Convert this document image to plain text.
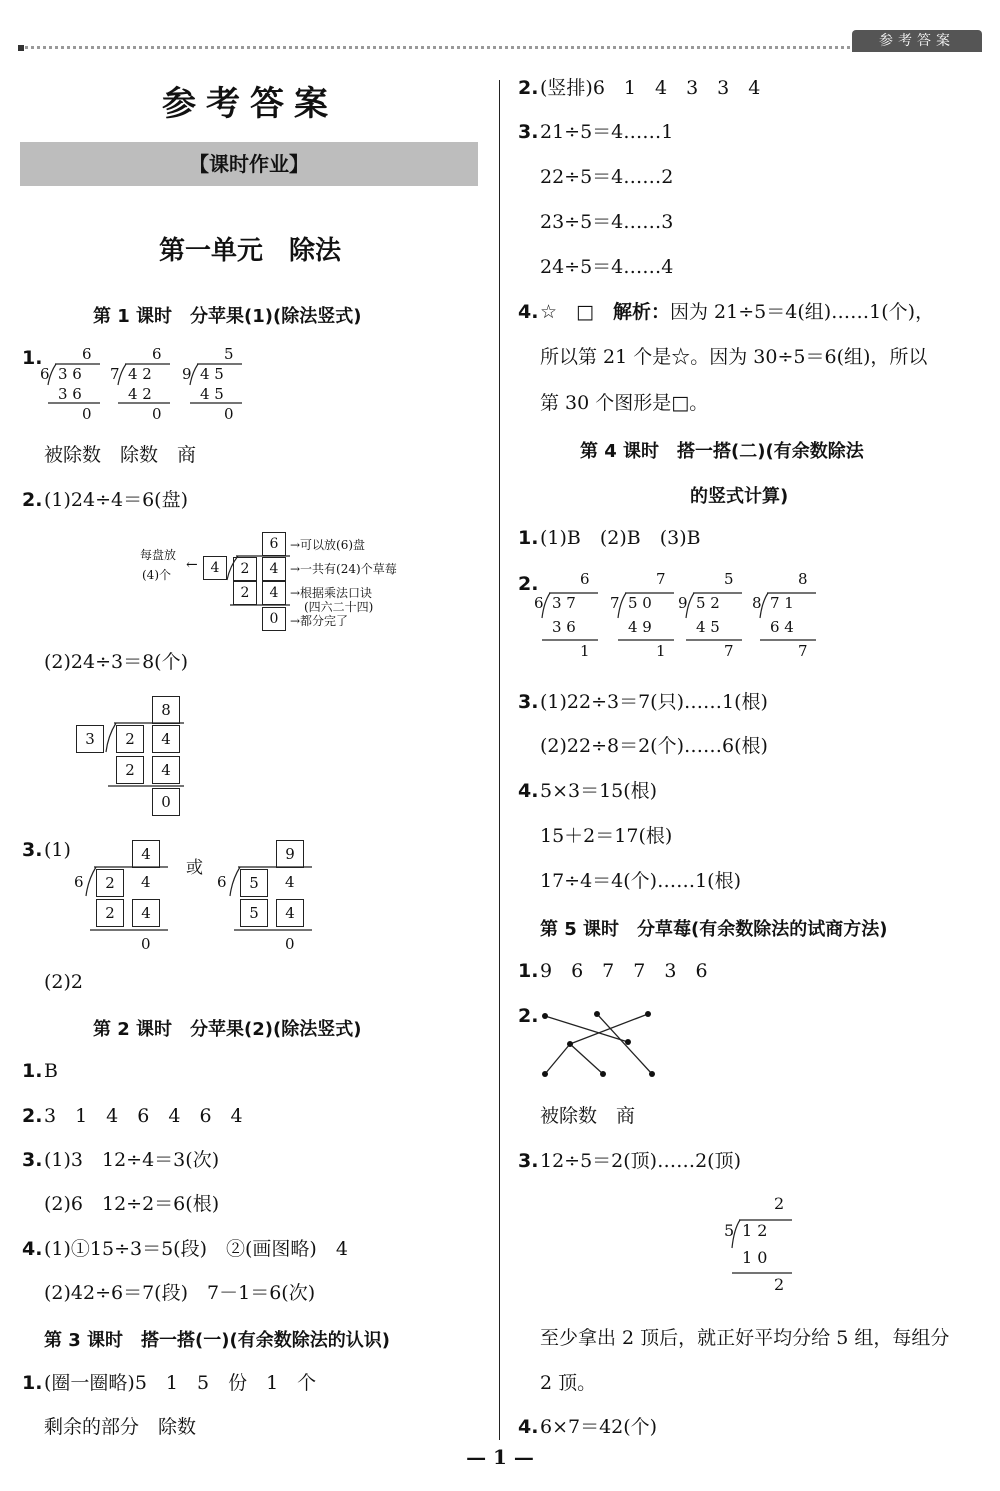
参考答案
参考答案
【课时作业】
第一单元　除法
第 1 课时　分苹果(1)(除法竖式)
1.	6
6 3 6
3 6
0
6
7 4 2
4 2
0
5
9 4 5
4 5
0
被除数　除数　商
2. (1)24÷4＝6(盘)
每盘放
(4)个
← 4
6
2	4
2	4
0
→可以放(6)盘
→一共有(24)个草莓
→根据乘法口诀
(四六二十四)
→都分完了
(2)24÷3＝8(个)
3
8
2	4
2	4
0
3. (1)
6
4
2	4
2	4
0
或
6
9
5	4
5	4
0
(2)2
第 2 课时　分苹果(2)(除法竖式)
1. B
2. 3　1　4　6　4　6　4
3. (1)3　12÷4＝3(次)
(2)6　12÷2＝6(根)
4. (1)①15÷3＝5(段)　②(画图略)　4
(2)42÷6＝7(段)　7－1＝6(次)
第 3 课时　搭一搭(一)(有余数除法的认识)
1. (圈一圈略)5　1　5　份　1　个
剩余的部分　除数
2. (竖排)6　1　4　3　3　4
3. 21÷5＝4……1
22÷5＝4……2
23÷5＝4……3
24÷5＝4……4
4. ☆　□　解析：因为 21÷5＝4(组)……1(个)，
所以第 21 个是☆。因为 30÷5＝6(组)，所以
第 30 个图形是□。
第 4 课时　搭一搭(二)(有余数除法
的竖式计算)
1. (1)B　(2)B　(3)B
2.	6
6 3 7
3 6
1
7
7 5 0
4 9
1
5
9 5 2
4 5
7
8
8 7 1
6 4
7
3. (1)22÷3＝7(只)……1(根)
(2)22÷8＝2(个)……6(根)
4. 5×3＝15(根)
15＋2＝17(根)
17÷4＝4(个)……1(根)
第 5 课时　分草莓(有余数除法的试商方法)
1. 9　6　7　7　3　6
2.
被除数　商
3. 12÷5＝2(顶)……2(顶)
2
5 1 2
1 0
2
至少拿出 2 顶后，就正好平均分给 5 组，每组分
2 顶。
4. 6×7＝42(个)
— 1 —
